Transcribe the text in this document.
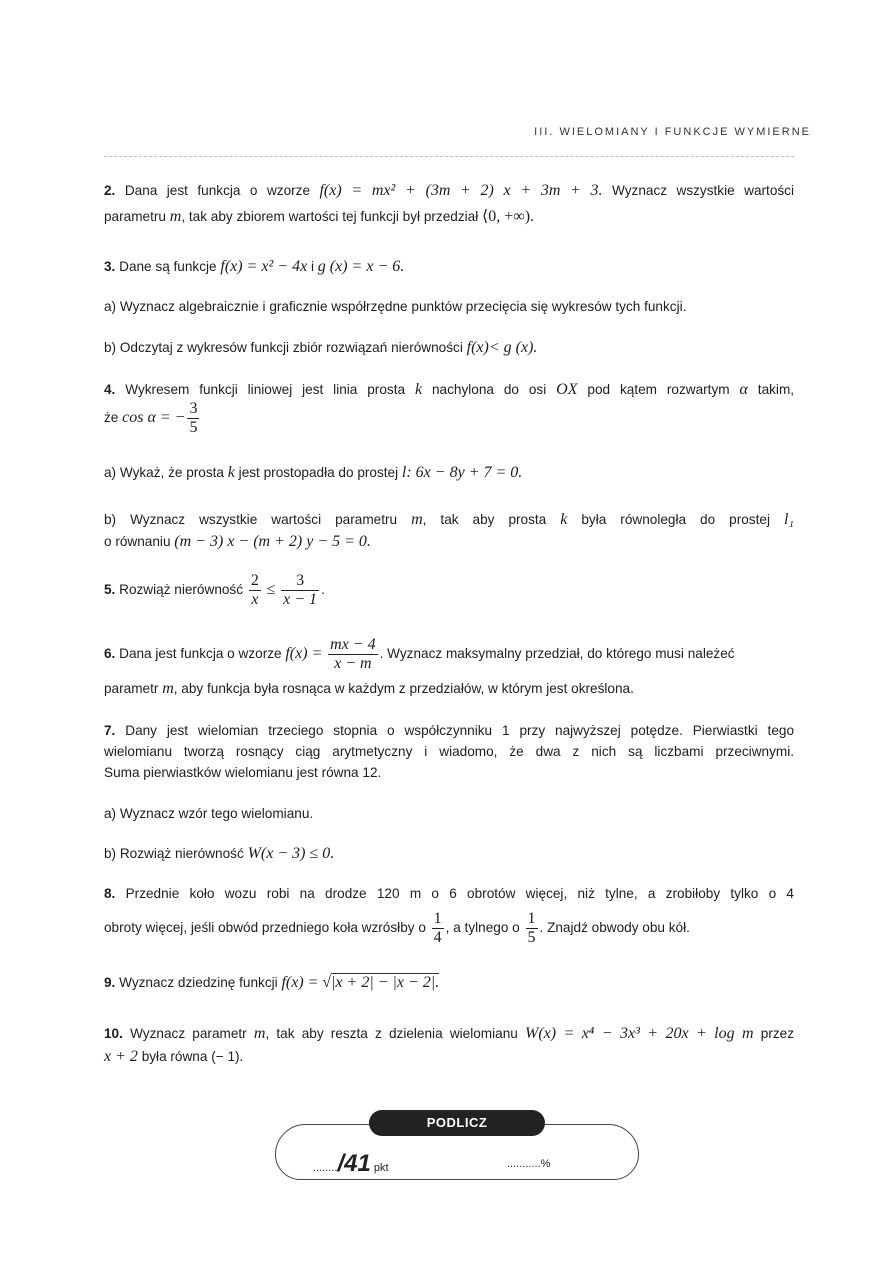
III. WIELOMIANY I FUNKCJE WYMIERNE
2. Dana jest funkcja o wzorze f(x) = mx² + (3m + 2) x + 3m + 3. Wyznacz wszystkie wartości
parametru m, tak aby zbiorem wartości tej funkcji był przedział ⟨0, +∞).
3. Dane są funkcje f(x) = x² − 4x i g (x) = x − 6.
a) Wyznacz algebraicznie i graficznie współrzędne punktów przecięcia się wykresów tych funkcji.
b) Odczytaj z wykresów funkcji zbiór rozwiązań nierówności f(x)< g (x).
4. Wykresem funkcji liniowej jest linia prosta k nachylona do osi OX pod kątem rozwartym α takim,
że cos α = − $\frac{3}{5}$
a) Wykaż, że prosta k jest prostopadła do prostej l: 6x − 8y + 7 = 0.
b) Wyznacz wszystkie wartości parametru m, tak aby prosta k była równoległa do prostej l₁
o równaniu (m − 3) x − (m + 2) y − 5 = 0.
5. Rozwiąż nierówność $\frac{2}{x} \le \frac{3}{x - 1}$ .
6. Dana jest funkcja o wzorze $f(x) = \frac{mx - 4}{x - m}$ . Wyznacz maksymalny przedział, do którego musi należeć
parametr m, aby funkcja była rosnąca w każdym z przedziałów, w którym jest określona.
7. Dany jest wielomian trzeciego stopnia o współczynniku 1 przy najwyższej potędze. Pierwiastki tego
wielomianu tworzą rosnący ciąg arytmetyczny i wiadomo, że dwa z nich są liczbami przeciwnymi.
Suma pierwiastków wielomianu jest równa 12.
a) Wyznacz wzór tego wielomianu.
b) Rozwiąż nierówność W(x − 3) ≤ 0.
8. Przednie koło wozu robi na drodze 120 m o 6 obrotów więcej, niż tylne, a zrobiłoby tylko o 4
obroty więcej, jeśli obwód przedniego koła wzrósłby o $\frac{1}{4}$ , a tylnego o $\frac{1}{5}$ . Znajdź obwody obu kół.
9. Wyznacz dziedzinę funkcji f(x) = √|x + 2| − |x − 2|.
10. Wyznacz parametr m, tak aby reszta z dzielenia wielomianu W(x) = x⁴ − 3x³ + 20x + log m przez
x + 2 była równa (− 1).
PODLICZ
......../41 pkt	...........%
